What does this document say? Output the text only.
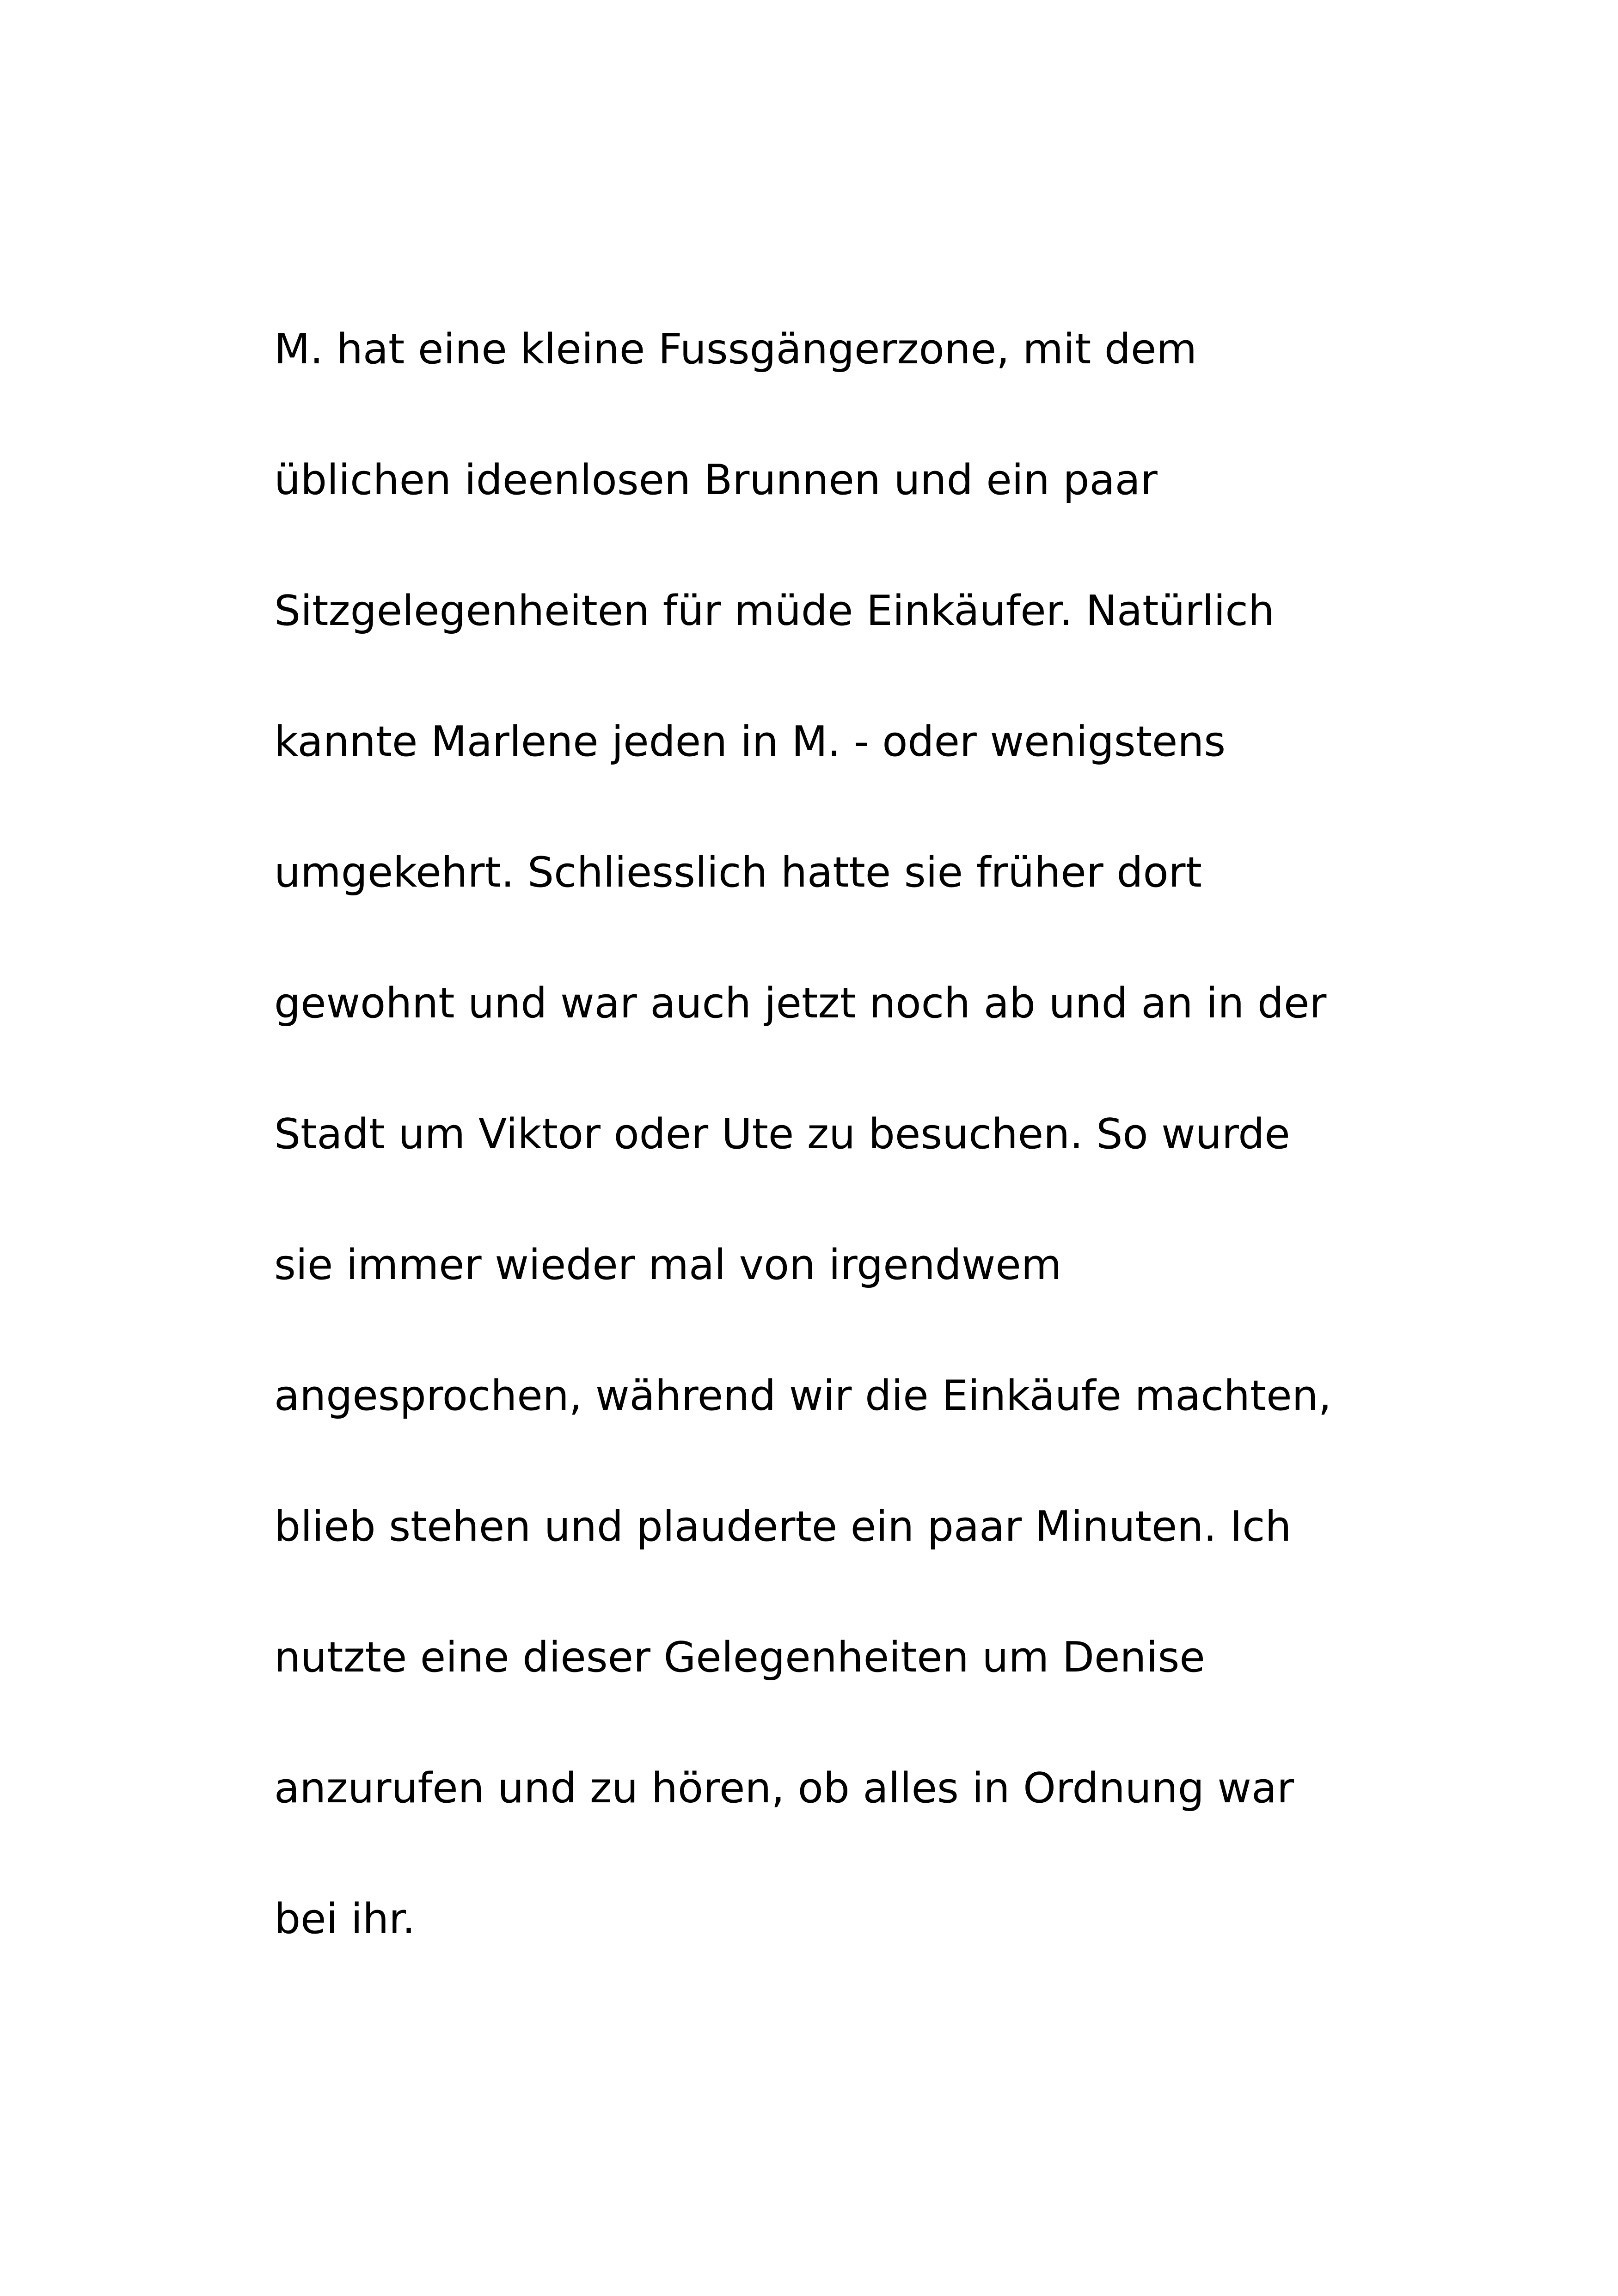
M. hat eine kleine Fussgängerzone, mit dem
üblichen ideenlosen Brunnen und ein paar
Sitzgelegenheiten für müde Einkäufer. Natürlich
kannte Marlene jeden in M. - oder wenigstens
umgekehrt. Schliesslich hatte sie früher dort
gewohnt und war auch jetzt noch ab und an in der
Stadt um Viktor oder Ute zu besuchen. So wurde
sie immer wieder mal von irgendwem
angesprochen, während wir die Einkäufe machten,
blieb stehen und plauderte ein paar Minuten. Ich
nutzte eine dieser Gelegenheiten um Denise
anzurufen und zu hören, ob alles in Ordnung war
bei ihr.
